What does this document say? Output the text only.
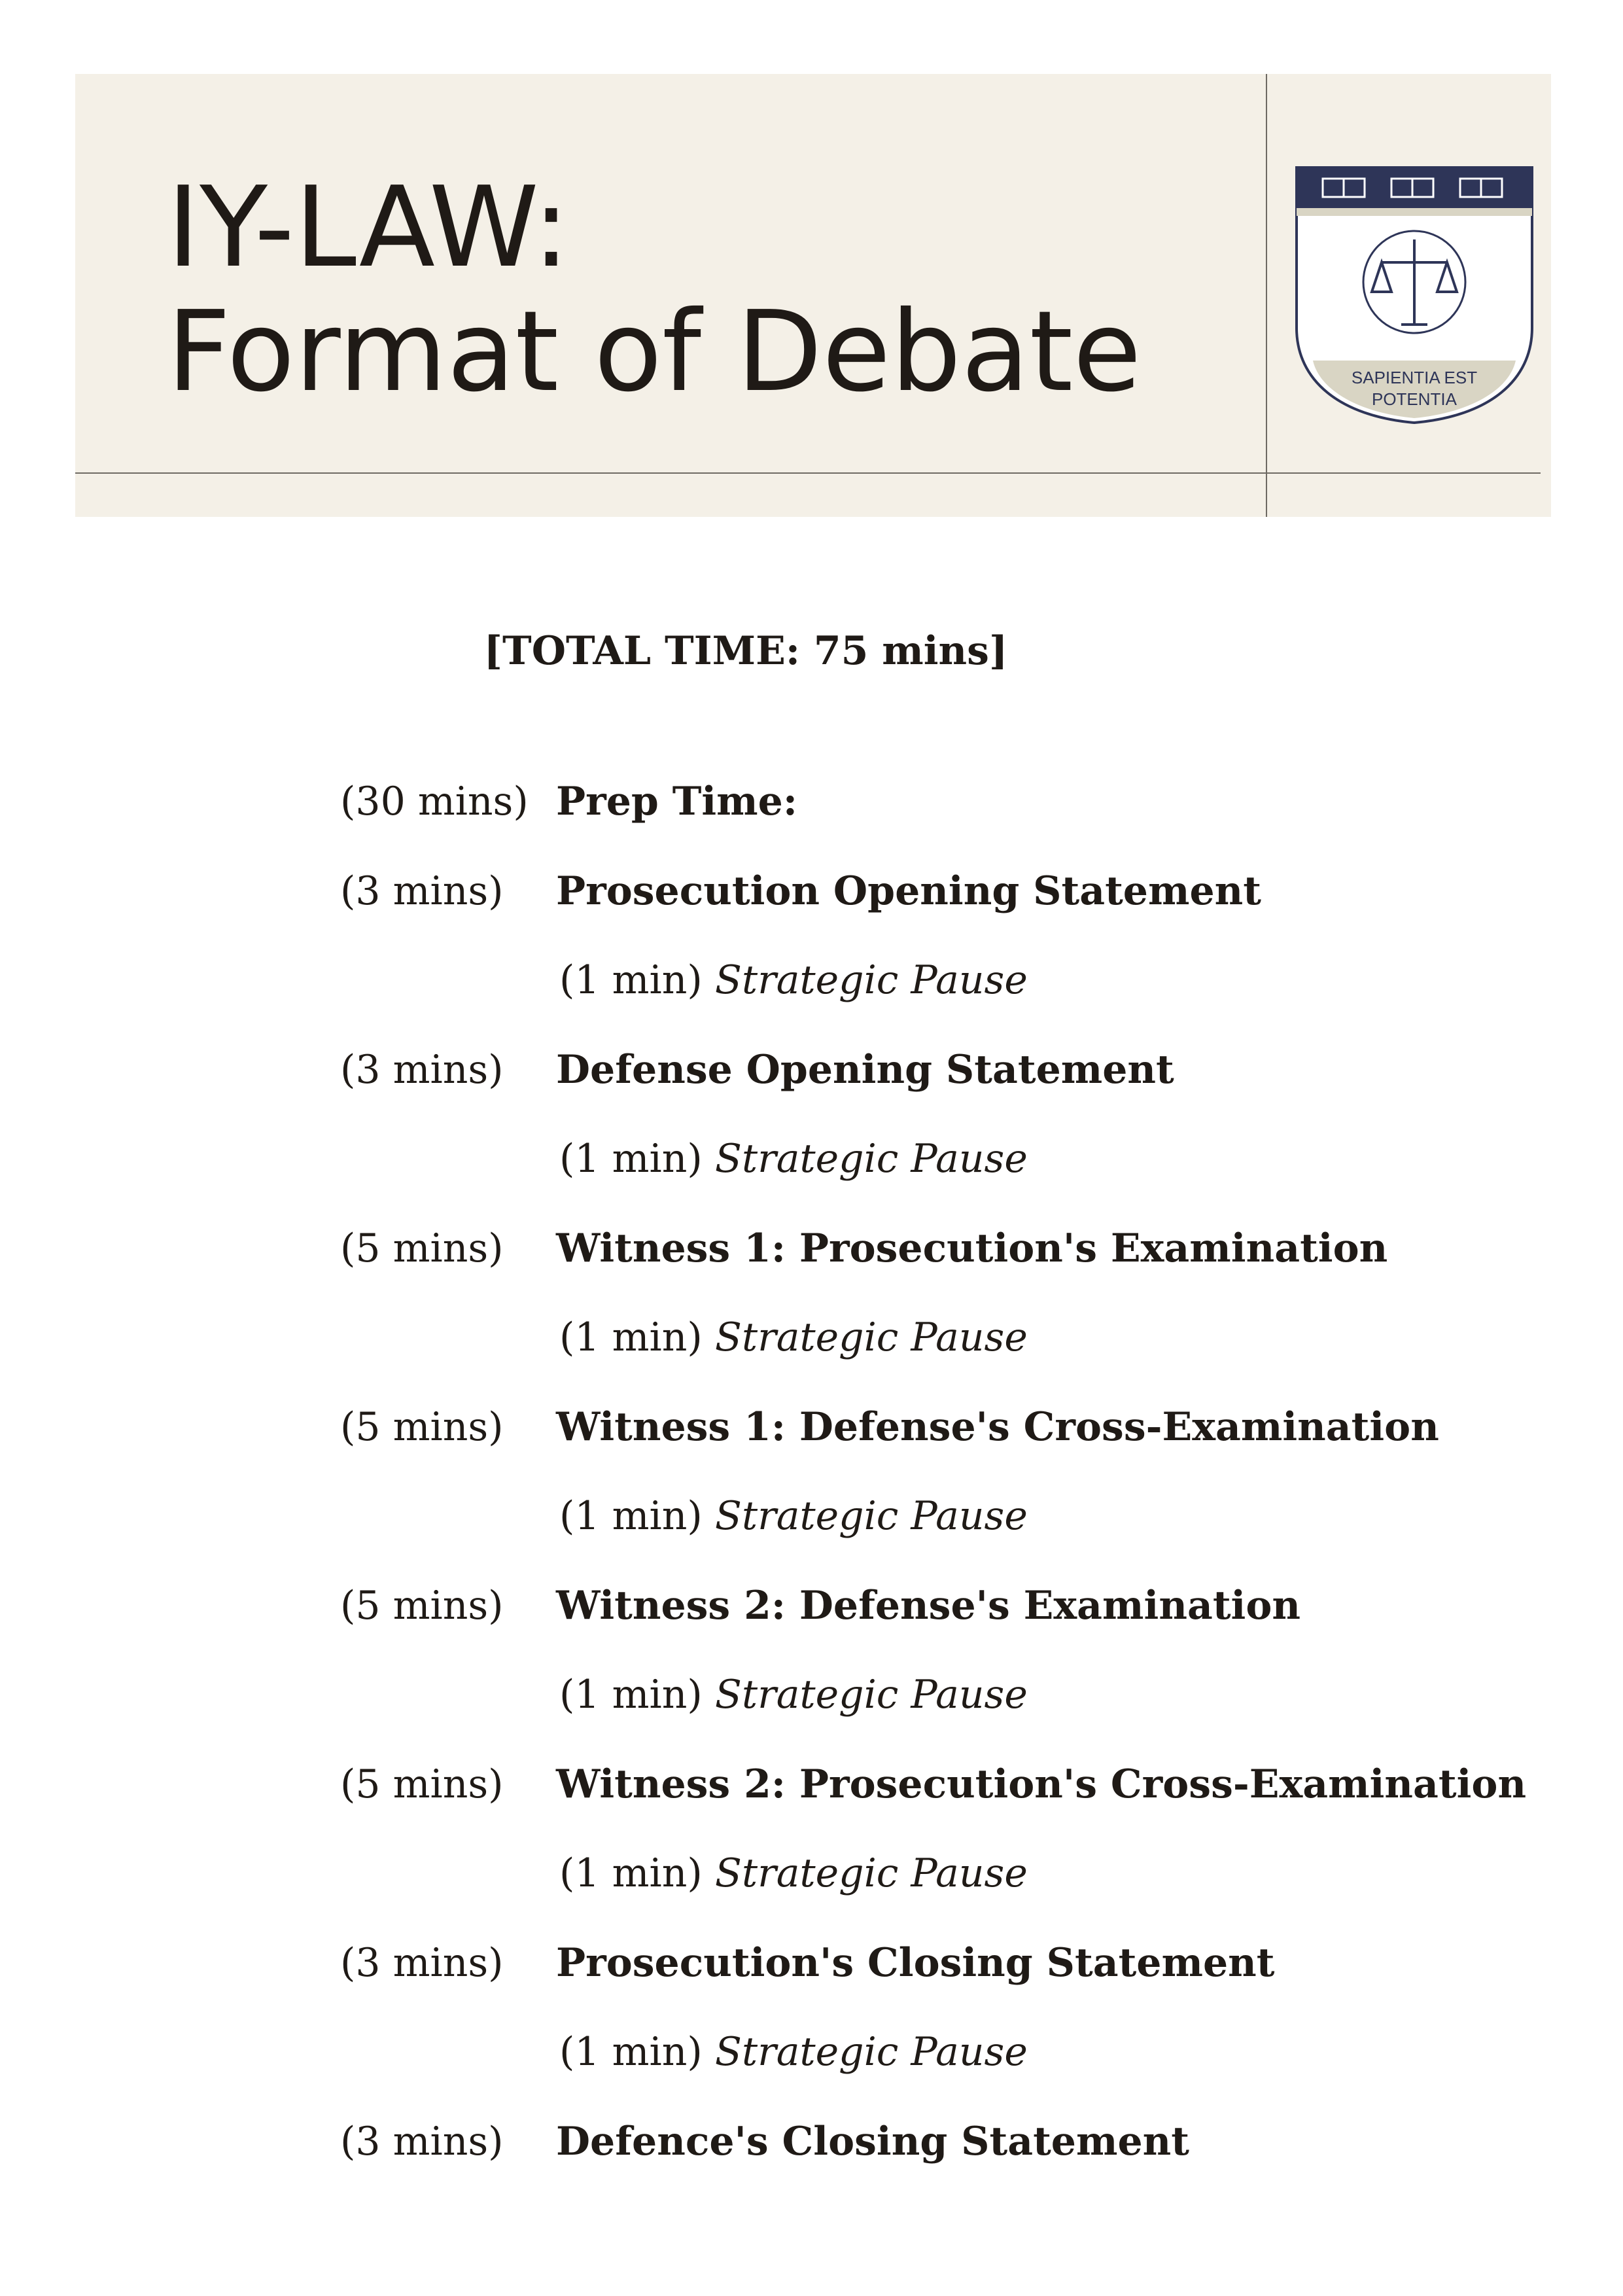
IY-LAW:
Format of Debate	SAPIENTIA EST
POTENTIA
[TOTAL TIME: 75 mins]
(30 mins) Prep Time:
(3 mins) Prosecution Opening Statement
(1 min) Strategic Pause
(3 mins) Defense Opening Statement
(1 min) Strategic Pause
(5 mins) Witness 1: Prosecution's Examination
(1 min) Strategic Pause
(5 mins) Witness 1: Defense's Cross-Examination
(1 min) Strategic Pause
(5 mins) Witness 2: Defense's Examination
(1 min) Strategic Pause
(5 mins) Witness 2: Prosecution's Cross-Examination
(1 min) Strategic Pause
(3 mins) Prosecution's Closing Statement
(1 min) Strategic Pause
(3 mins) Defence's Closing Statement
